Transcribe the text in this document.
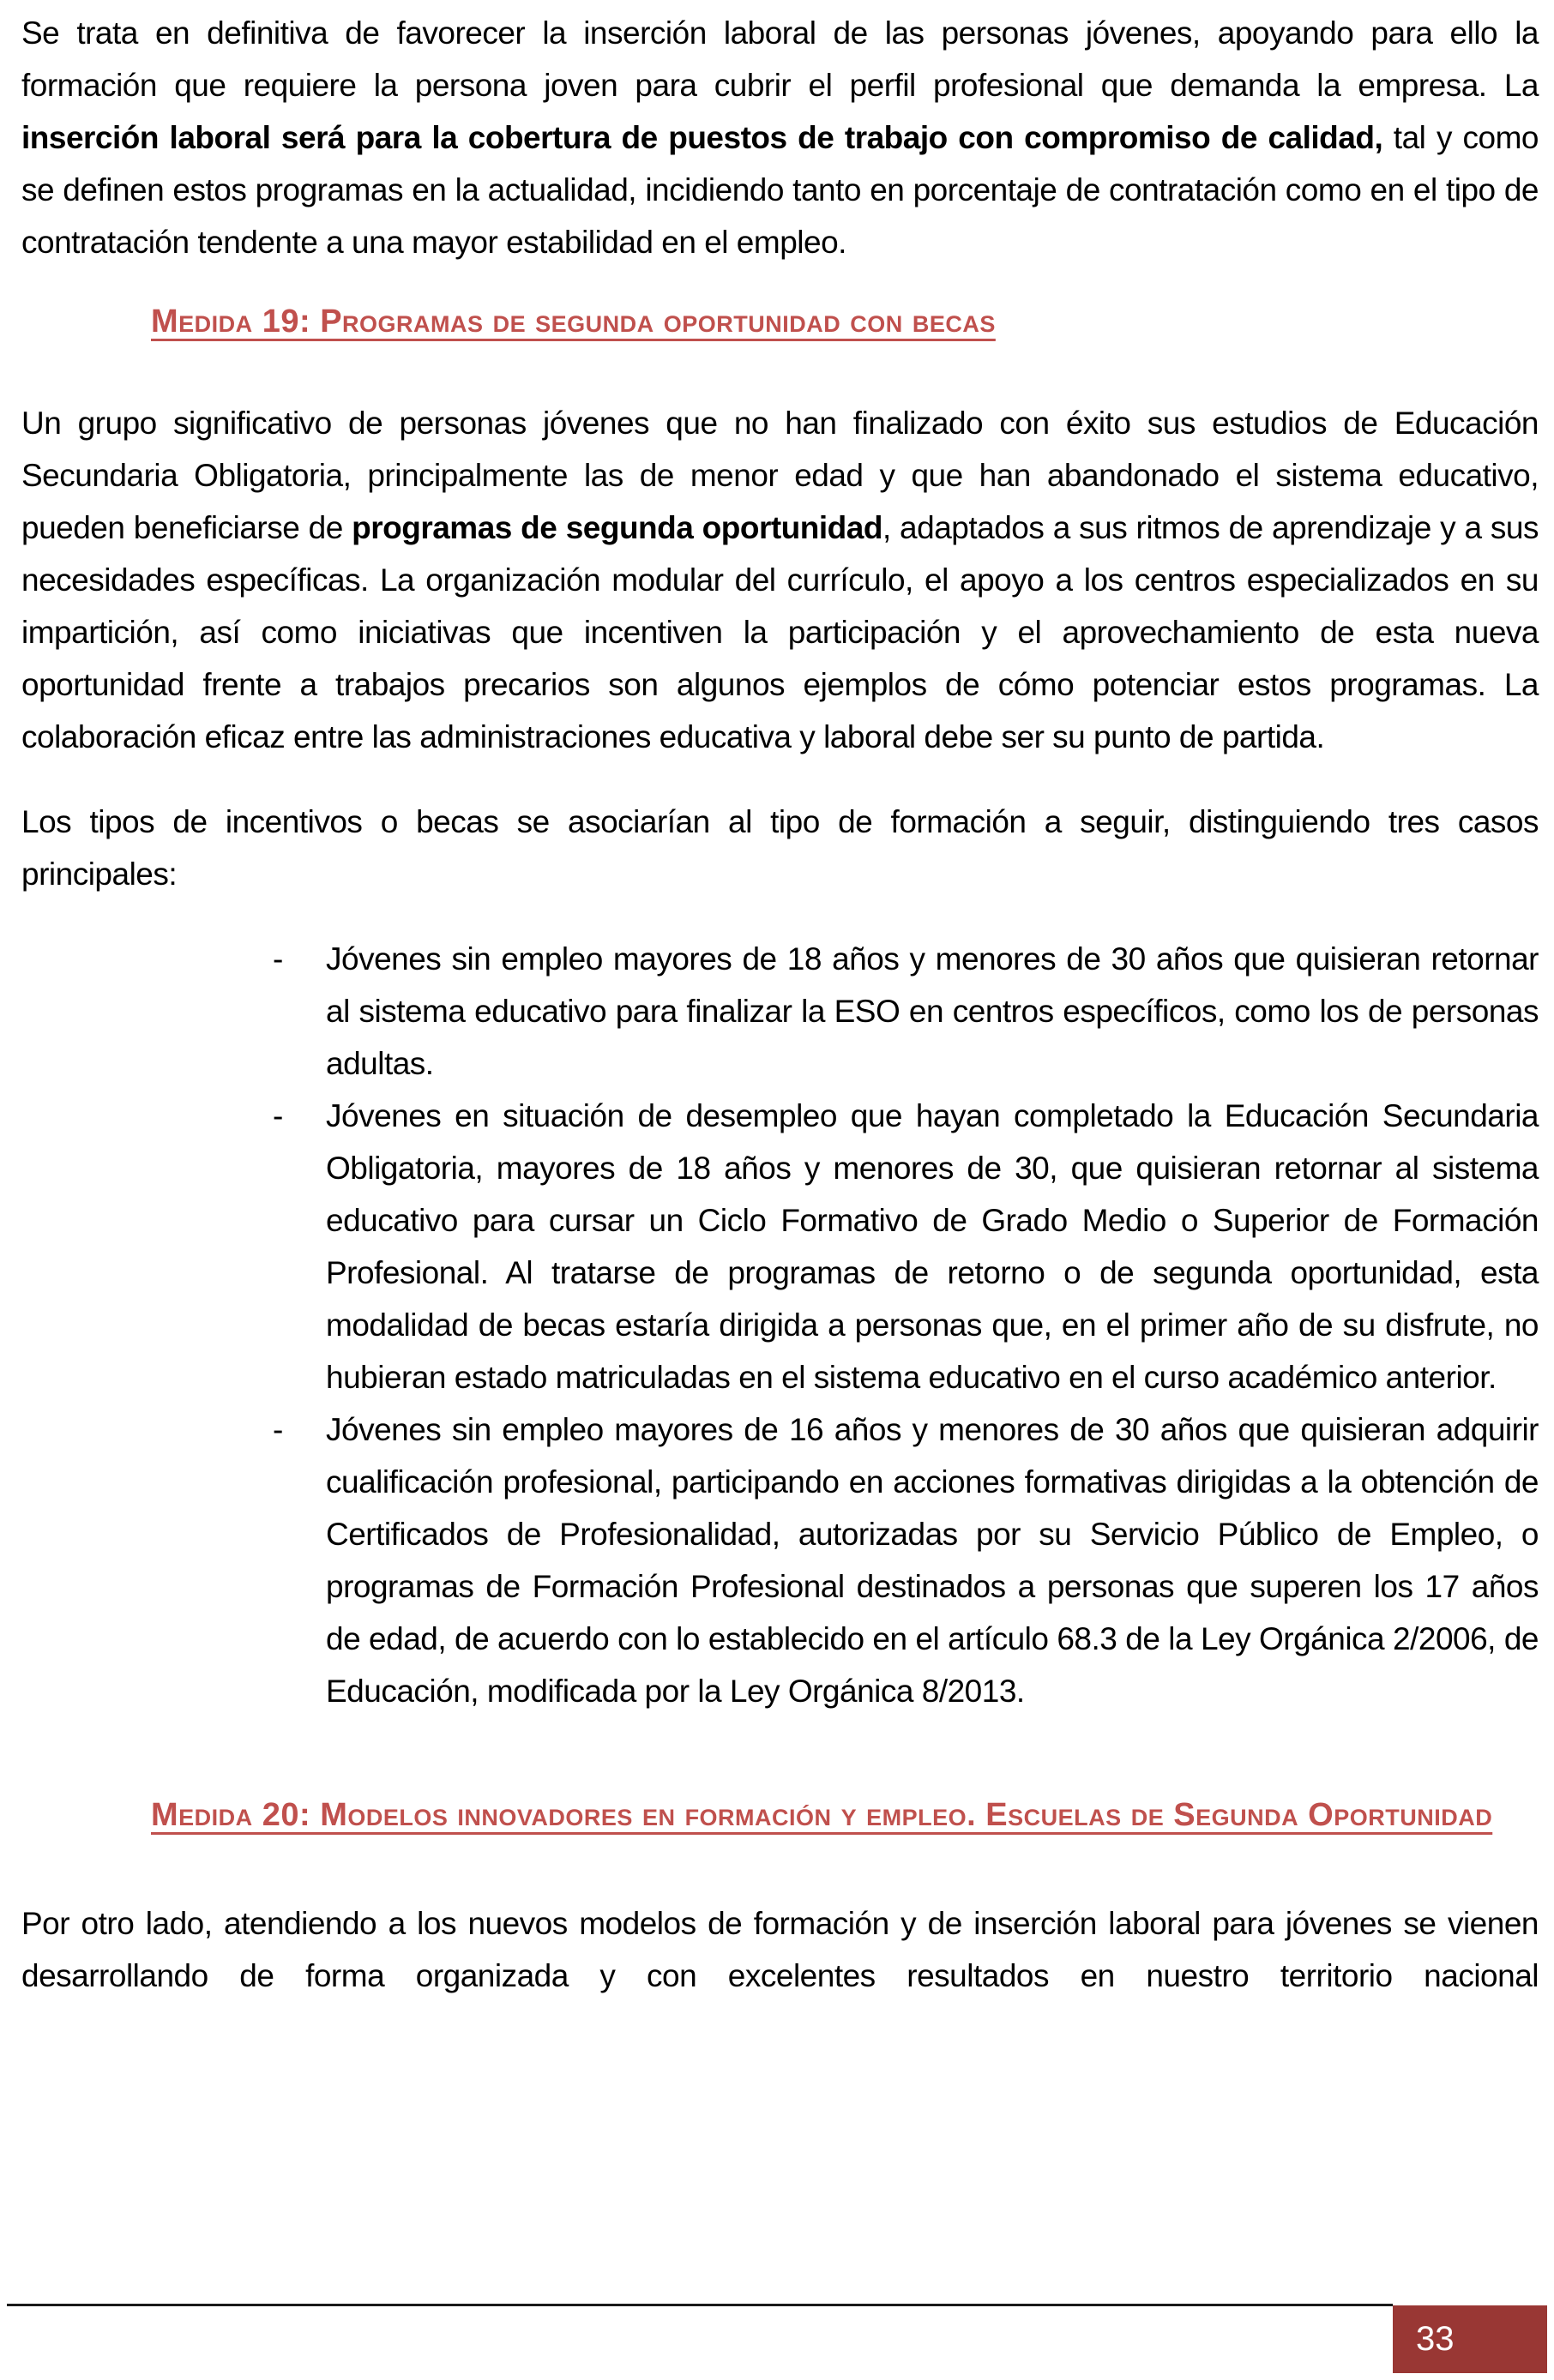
Se trata en definitiva de favorecer la inserción laboral de las personas jóvenes, apoyando para ello la formación que requiere la persona joven para cubrir el perfil profesional que demanda la empresa. La inserción laboral será para la cobertura de puestos de trabajo con compromiso de calidad, tal y como se definen estos programas en la actualidad, incidiendo tanto en porcentaje de contratación como en el tipo de contratación tendente a una mayor estabilidad en el empleo.

Medida 19: Programas de segunda oportunidad con becas

Un grupo significativo de personas jóvenes que no han finalizado con éxito sus estudios de Educación Secundaria Obligatoria, principalmente las de menor edad y que han abandonado el sistema educativo, pueden beneficiarse de programas de segunda oportunidad, adaptados a sus ritmos de aprendizaje y a sus necesidades específicas. La organización modular del currículo, el apoyo a los centros especializados en su impartición, así como iniciativas que incentiven la participación y el aprovechamiento de esta nueva oportunidad frente a trabajos precarios son algunos ejemplos de cómo potenciar estos programas. La colaboración eficaz entre las administraciones educativa y laboral debe ser su punto de partida.

Los tipos de incentivos o becas se asociarían al tipo de formación a seguir, distinguiendo tres casos principales:

-	Jóvenes sin empleo mayores de 18 años y menores de 30 años que quisieran retornar al sistema educativo para finalizar la ESO en centros específicos, como los de personas adultas.
-	Jóvenes en situación de desempleo que hayan completado la Educación Secundaria Obligatoria, mayores de 18 años y menores de 30, que quisieran retornar al sistema educativo para cursar un Ciclo Formativo de Grado Medio o Superior de Formación Profesional. Al tratarse de programas de retorno o de segunda oportunidad, esta modalidad de becas estaría dirigida a personas que, en el primer año de su disfrute, no hubieran estado matriculadas en el sistema educativo en el curso académico anterior.
-	Jóvenes sin empleo mayores de 16 años y menores de 30 años que quisieran adquirir cualificación profesional, participando en acciones formativas dirigidas a la obtención de Certificados de Profesionalidad, autorizadas por su Servicio Público de Empleo, o programas de Formación Profesional destinados a personas que superen los 17 años de edad, de acuerdo con lo establecido en el artículo 68.3 de la Ley Orgánica 2/2006, de Educación, modificada por la Ley Orgánica 8/2013.
Medida 20: Modelos innovadores en formación y empleo. Escuelas de Segunda Oportunidad

Por otro lado, atendiendo a los nuevos modelos de formación y de inserción laboral para jóvenes se vienen desarrollando de forma organizada y con excelentes resultados en nuestro territorio nacional

33
